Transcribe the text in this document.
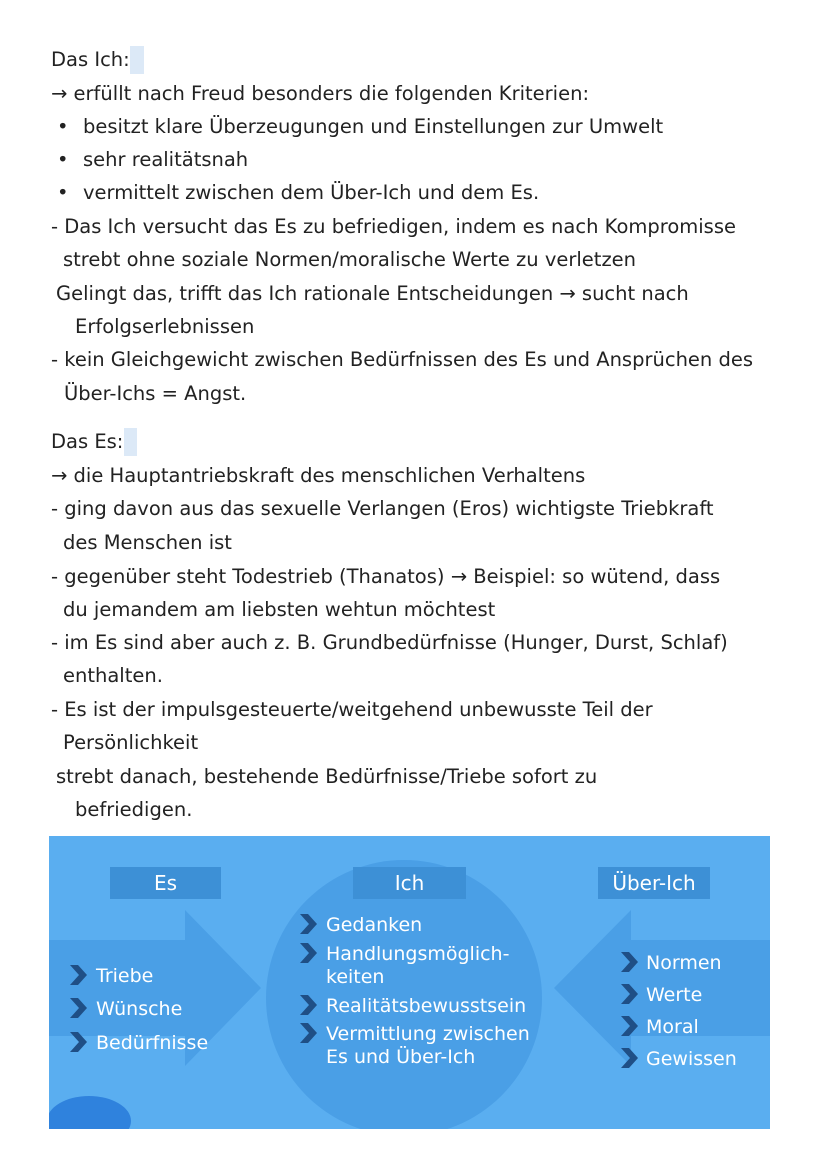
Das Ich:
→ erfüllt nach Freud besonders die folgenden Kriterien:
• besitzt klare Überzeugungen und Einstellungen zur Umwelt
• sehr realitätsnah
• vermittelt zwischen dem Über-Ich und dem Es.
- Das Ich versucht das Es zu befriedigen, indem es nach Kompromisse
strebt ohne soziale Normen/moralische Werte zu verletzen
Gelingt das, trifft das Ich rationale Entscheidungen → sucht nach
Erfolgserlebnissen
- kein Gleichgewicht zwischen Bedürfnissen des Es und Ansprüchen des
Über-Ichs = Angst.
Das Es:
→ die Hauptantriebskraft des menschlichen Verhaltens
- ging davon aus das sexuelle Verlangen (Eros) wichtigste Triebkraft
des Menschen ist
- gegenüber steht Todestrieb (Thanatos) → Beispiel: so wütend, dass
du jemandem am liebsten wehtun möchtest
- im Es sind aber auch z. B. Grundbedürfnisse (Hunger, Durst, Schlaf)
enthalten.
- Es ist der impulsgesteuerte/weitgehend unbewusste Teil der
Persönlichkeit
strebt danach, bestehende Bedürfnisse/Triebe sofort zu
befriedigen.
Es	Ich	Über-Ich
Triebe
Wünsche
Bedürfnisse
Gedanken
Handlungsmöglich-
keiten
Realitätsbewusstsein
Vermittlung zwischen
Es und Über-Ich
Normen
Werte
Moral
Gewissen
